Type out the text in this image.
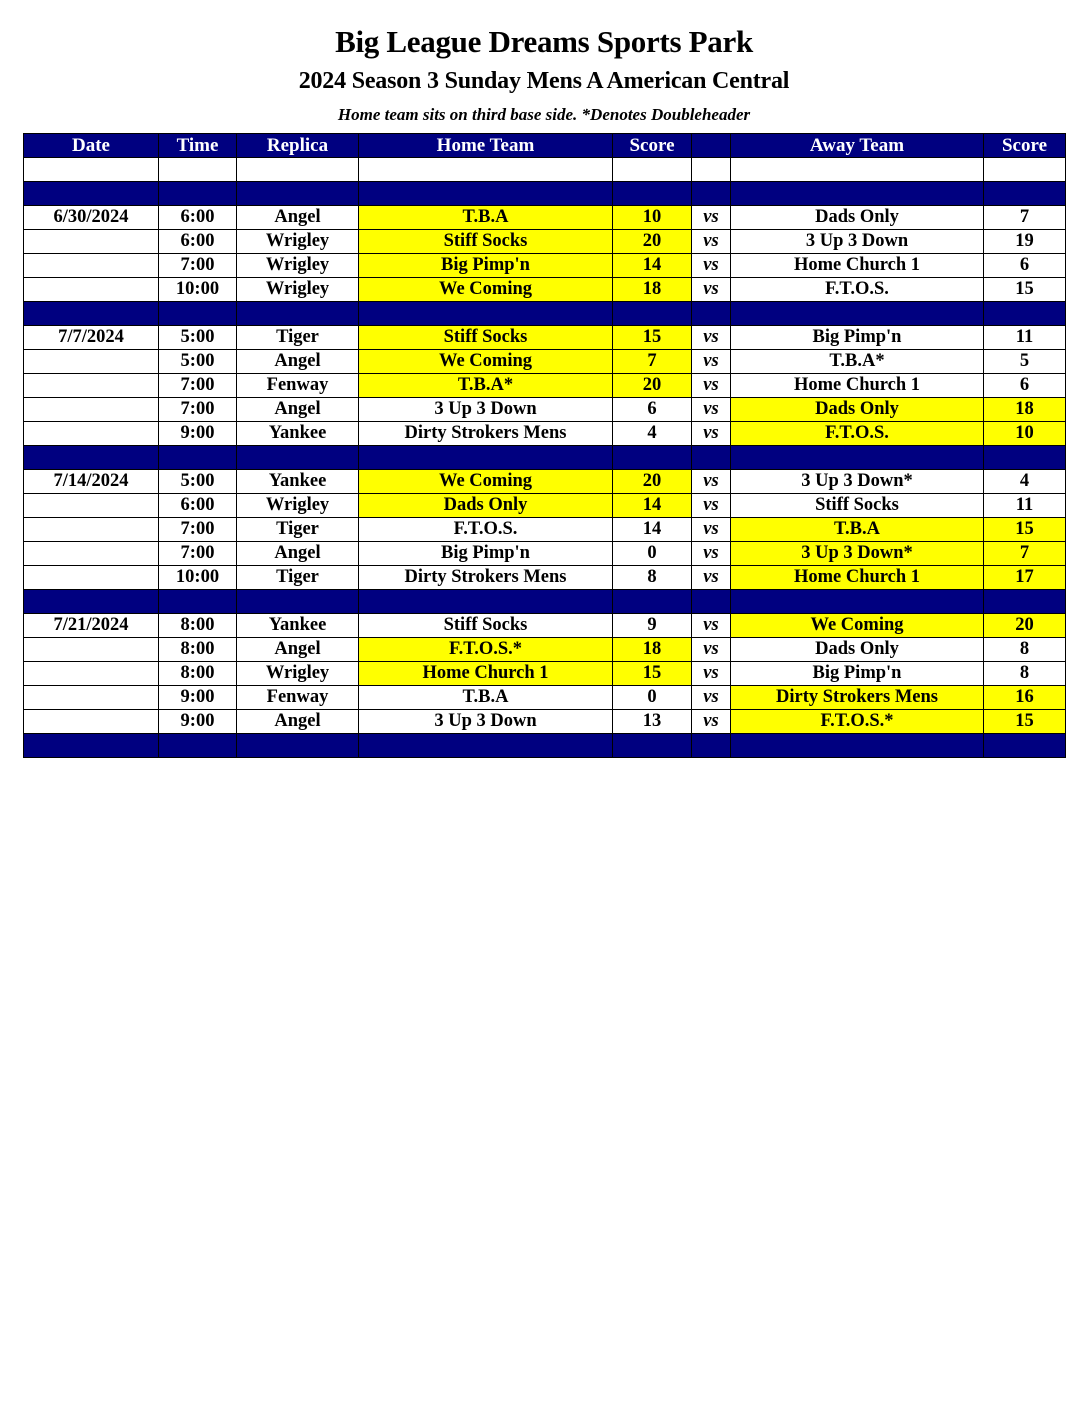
Big League Dreams Sports Park
2024 Season 3 Sunday Mens A American Central
Home team sits on third base side. *Denotes Doubleheader
Date	Time	Replica	Home Team	Score		Away Team	Score

6/30/2024	6:00	Angel	T.B.A	10	vs	Dads Only	7
	6:00	Wrigley	Stiff Socks	20	vs	3 Up 3 Down	19
	7:00	Wrigley	Big Pimp'n	14	vs	Home Church 1	6
	10:00	Wrigley	We Coming	18	vs	F.T.O.S.	15

7/7/2024	5:00	Tiger	Stiff Socks	15	vs	Big Pimp'n	11
	5:00	Angel	We Coming	7	vs	T.B.A*	5
	7:00	Fenway	T.B.A*	20	vs	Home Church 1	6
	7:00	Angel	3 Up 3 Down	6	vs	Dads Only	18
	9:00	Yankee	Dirty Strokers Mens	4	vs	F.T.O.S.	10

7/14/2024	5:00	Yankee	We Coming	20	vs	3 Up 3 Down*	4
	6:00	Wrigley	Dads Only	14	vs	Stiff Socks	11
	7:00	Tiger	F.T.O.S.	14	vs	T.B.A	15
	7:00	Angel	Big Pimp'n	0	vs	3 Up 3 Down*	7
	10:00	Tiger	Dirty Strokers Mens	8	vs	Home Church 1	17

7/21/2024	8:00	Yankee	Stiff Socks	9	vs	We Coming	20
	8:00	Angel	F.T.O.S.*	18	vs	Dads Only	8
	8:00	Wrigley	Home Church 1	15	vs	Big Pimp'n	8
	9:00	Fenway	T.B.A	0	vs	Dirty Strokers Mens	16
	9:00	Angel	3 Up 3 Down	13	vs	F.T.O.S.*	15
